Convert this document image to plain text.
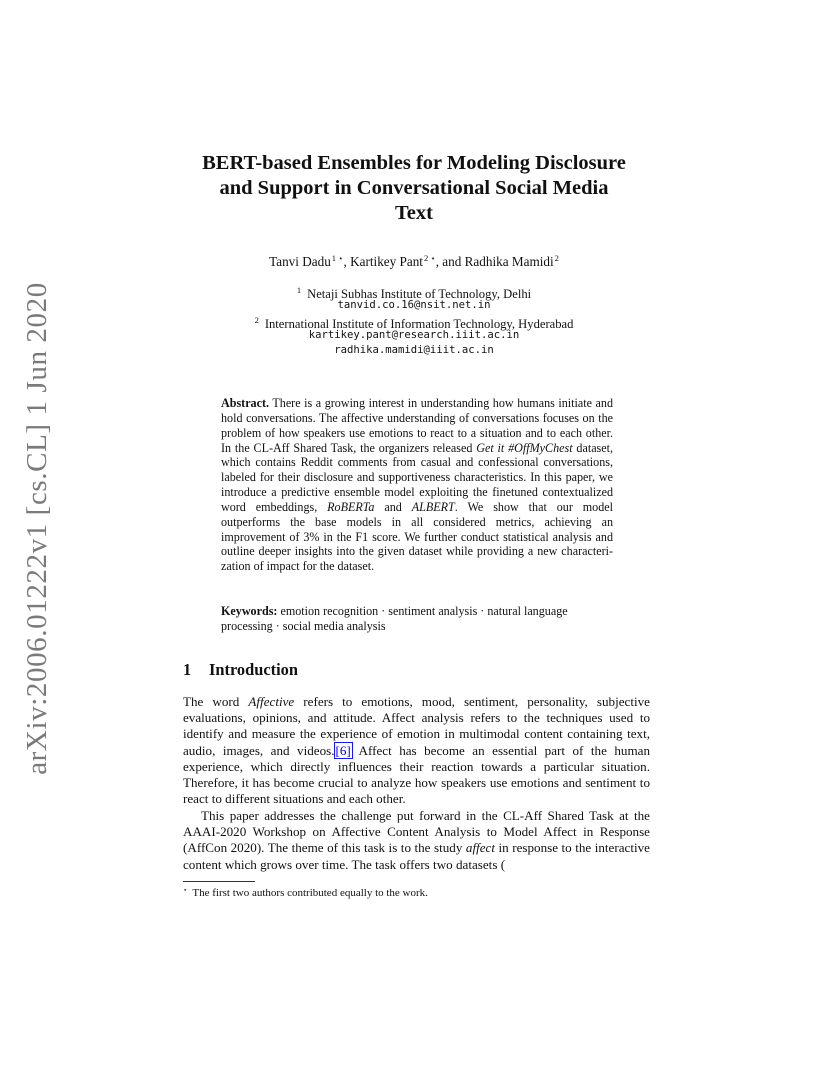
arXiv:2006.01222v1 [cs.CL] 1 Jun 2020
BERT-based Ensembles for Modeling Disclosure
and Support in Conversational Social Media
Text
Tanvi Dadu$^{1 ⋆}$, Kartikey Pant$^{2 ⋆}$, and Radhika Mamidi$^2$
$^1$ Netaji Subhas Institute of Technology, Delhi
tanvid.co.16@nsit.net.in
$^2$ International Institute of Information Technology, Hyderabad
kartikey.pant@research.iiit.ac.in
radhika.mamidi@iiit.ac.in
Abstract. There is a growing interest in understanding how humans initiate and hold conversations. The affective understanding of conversations focuses on the problem of how speakers use emotions to react to a situation and to each other. In the CL-Aff Shared Task, the organizers released Get it #OffMyChest dataset, which contains Reddit comments from casual and confessional conversations, labeled for their disclosure and supportiveness characteristics. In this paper, we introduce a predictive ensemble model exploiting the finetuned contextualized word embeddings, RoBERTa and ALBERT. We show that our model outperforms the base models in all considered metrics, achieving an improvement of 3% in the F1 score. We further conduct statistical analysis and outline deeper insights into the given dataset while providing a new characterization of impact for the dataset.
Keywords: emotion recognition · sentiment analysis · natural language processing · social media analysis
1 Introduction
The word Affective refers to emotions, mood, sentiment, personality, subjective evaluations, opinions, and attitude. Affect analysis refers to the techniques used to identify and measure the experience of emotion in multimodal content containing text, audio, images, and videos.[6] Affect has become an essential part of the human experience, which directly influences their reaction towards a particular situation. Therefore, it has become crucial to analyze how speakers use emotions and sentiment to react to different situations and each other.
This paper addresses the challenge put forward in the CL-Aff Shared Task at the AAAI-2020 Workshop on Affective Content Analysis to Model Affect in Response (AffCon 2020). The theme of this task is to the study affect in response to the interactive content which grows over time. The task offers two datasets (
⋆ The first two authors contributed equally to the work.
